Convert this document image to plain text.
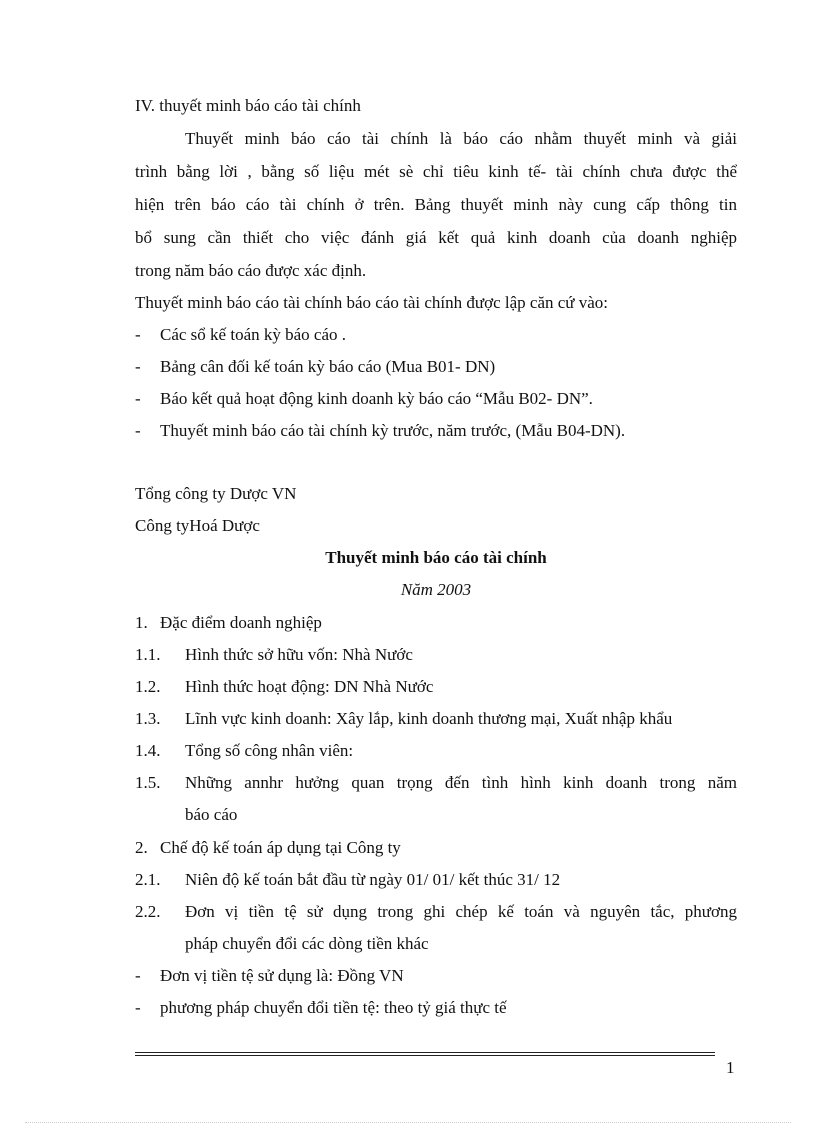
IV. thuyết minh báo cáo tài chính
Thuyết minh báo cáo tài chính là báo cáo nhằm thuyết minh và giải
trình bằng lời , bằng số liệu mét sè chỉ tiêu kinh tế- tài chính chưa được thể
hiện trên báo cáo tài chính ở trên. Bảng thuyết minh này cung cấp thông tin
bổ sung cần thiết cho việc đánh giá kết quả kinh doanh của doanh nghiệp
trong năm báo cáo được xác định.
Thuyết minh báo cáo tài chính báo cáo tài chính được lập căn cứ vào:
- Các sổ kế toán kỳ báo cáo .
- Bảng cân đối kế toán kỳ báo cáo (Mua B01- DN)
- Báo kết quả hoạt động kinh doanh kỳ báo cáo “Mẫu B02- DN”.
- Thuyết minh báo cáo tài chính kỳ trước, năm trước, (Mẫu B04-DN).
Tổng công ty Dược VN
Công tyHoá Dược
Thuyết minh báo cáo tài chính
Năm 2003
1. Đặc điểm doanh nghiệp
1.1. Hình thức sở hữu vốn: Nhà Nước
1.2. Hình thức hoạt động: DN Nhà Nước
1.3. Lĩnh vực kinh doanh: Xây lắp, kinh doanh thương mại, Xuất nhập khẩu
1.4. Tổng số công nhân viên:
1.5. Những annhr hưởng quan trọng đến tình hình kinh doanh trong năm
báo cáo
2. Chế độ kế toán áp dụng tại Công ty
2.1. Niên độ kế toán bắt đầu từ ngày 01/ 01/ kết thúc 31/ 12
2.2. Đơn vị tiền tệ sử dụng trong ghi chép kế toán và nguyên tắc, phương
pháp chuyển đổi các dòng tiền khác
- Đơn vị tiền tệ sử dụng là: Đồng VN
- phương pháp chuyển đổi tiền tệ: theo tỷ giá thực tế
1
